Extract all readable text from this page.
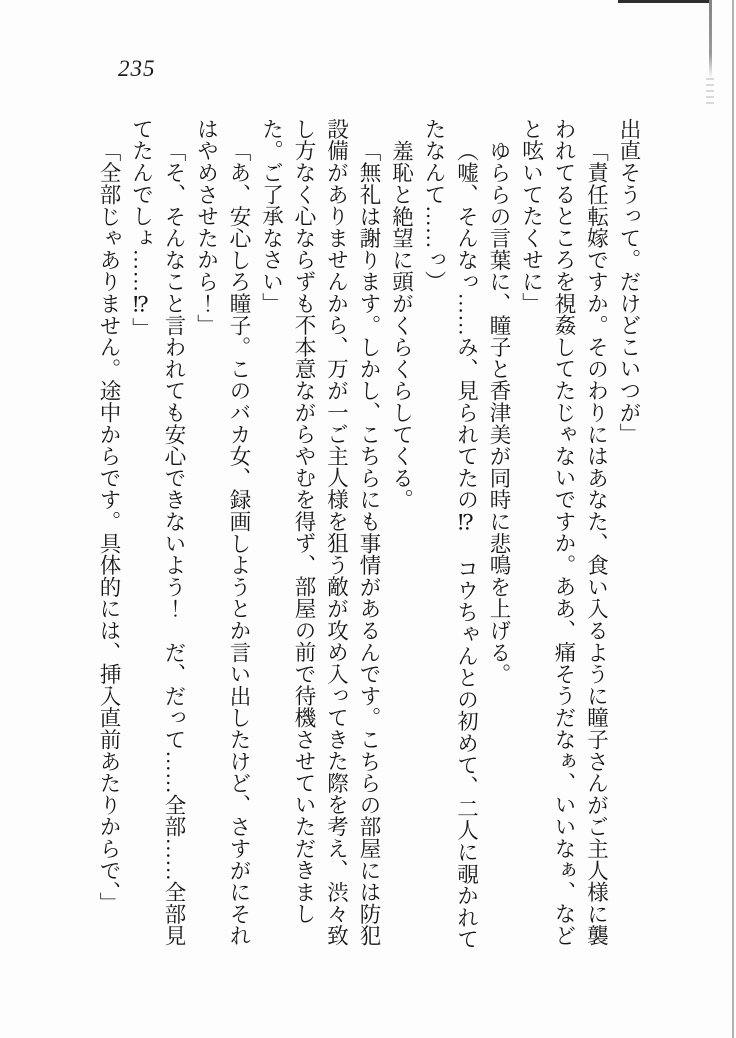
235

出直そうって。だけどこいつが」

「責任転嫁ですか。そのわりにはあなた、食い入るように瞳子さんがご主人様に襲われてるところを視姦してたじゃないですか。ああ、痛そうだなぁ、いいなぁ、などと呟いてたくせに」

ゆららの言葉に、瞳子と香津美が同時に悲鳴を上げる。

（嘘、そんなっ……み、見られてたの⁉　コウちゃんとの初めて、二人に覗かれてたなんて……っ）

羞恥と絶望に頭がくらくらしてくる。

「無礼は謝ります。しかし、こちらにも事情があるんです。こちらの部屋には防犯設備がありませんから、万が一ご主人様を狙う敵が攻め入ってきた際を考え、渋々致し方なく心ならずも不本意ながらやむを得ず、部屋の前で待機させていただきました。ご了承なさい」

「あ、安心しろ瞳子。このバカ女、録画しようとか言い出したけど、さすがにそれはやめさせたから！」

「そ、そんなこと言われても安心できないよう！　だ、だって……全部……全部見てたんでしょ……⁉」

「全部じゃありません。途中からです。具体的には、挿入直前あたりからで、」
